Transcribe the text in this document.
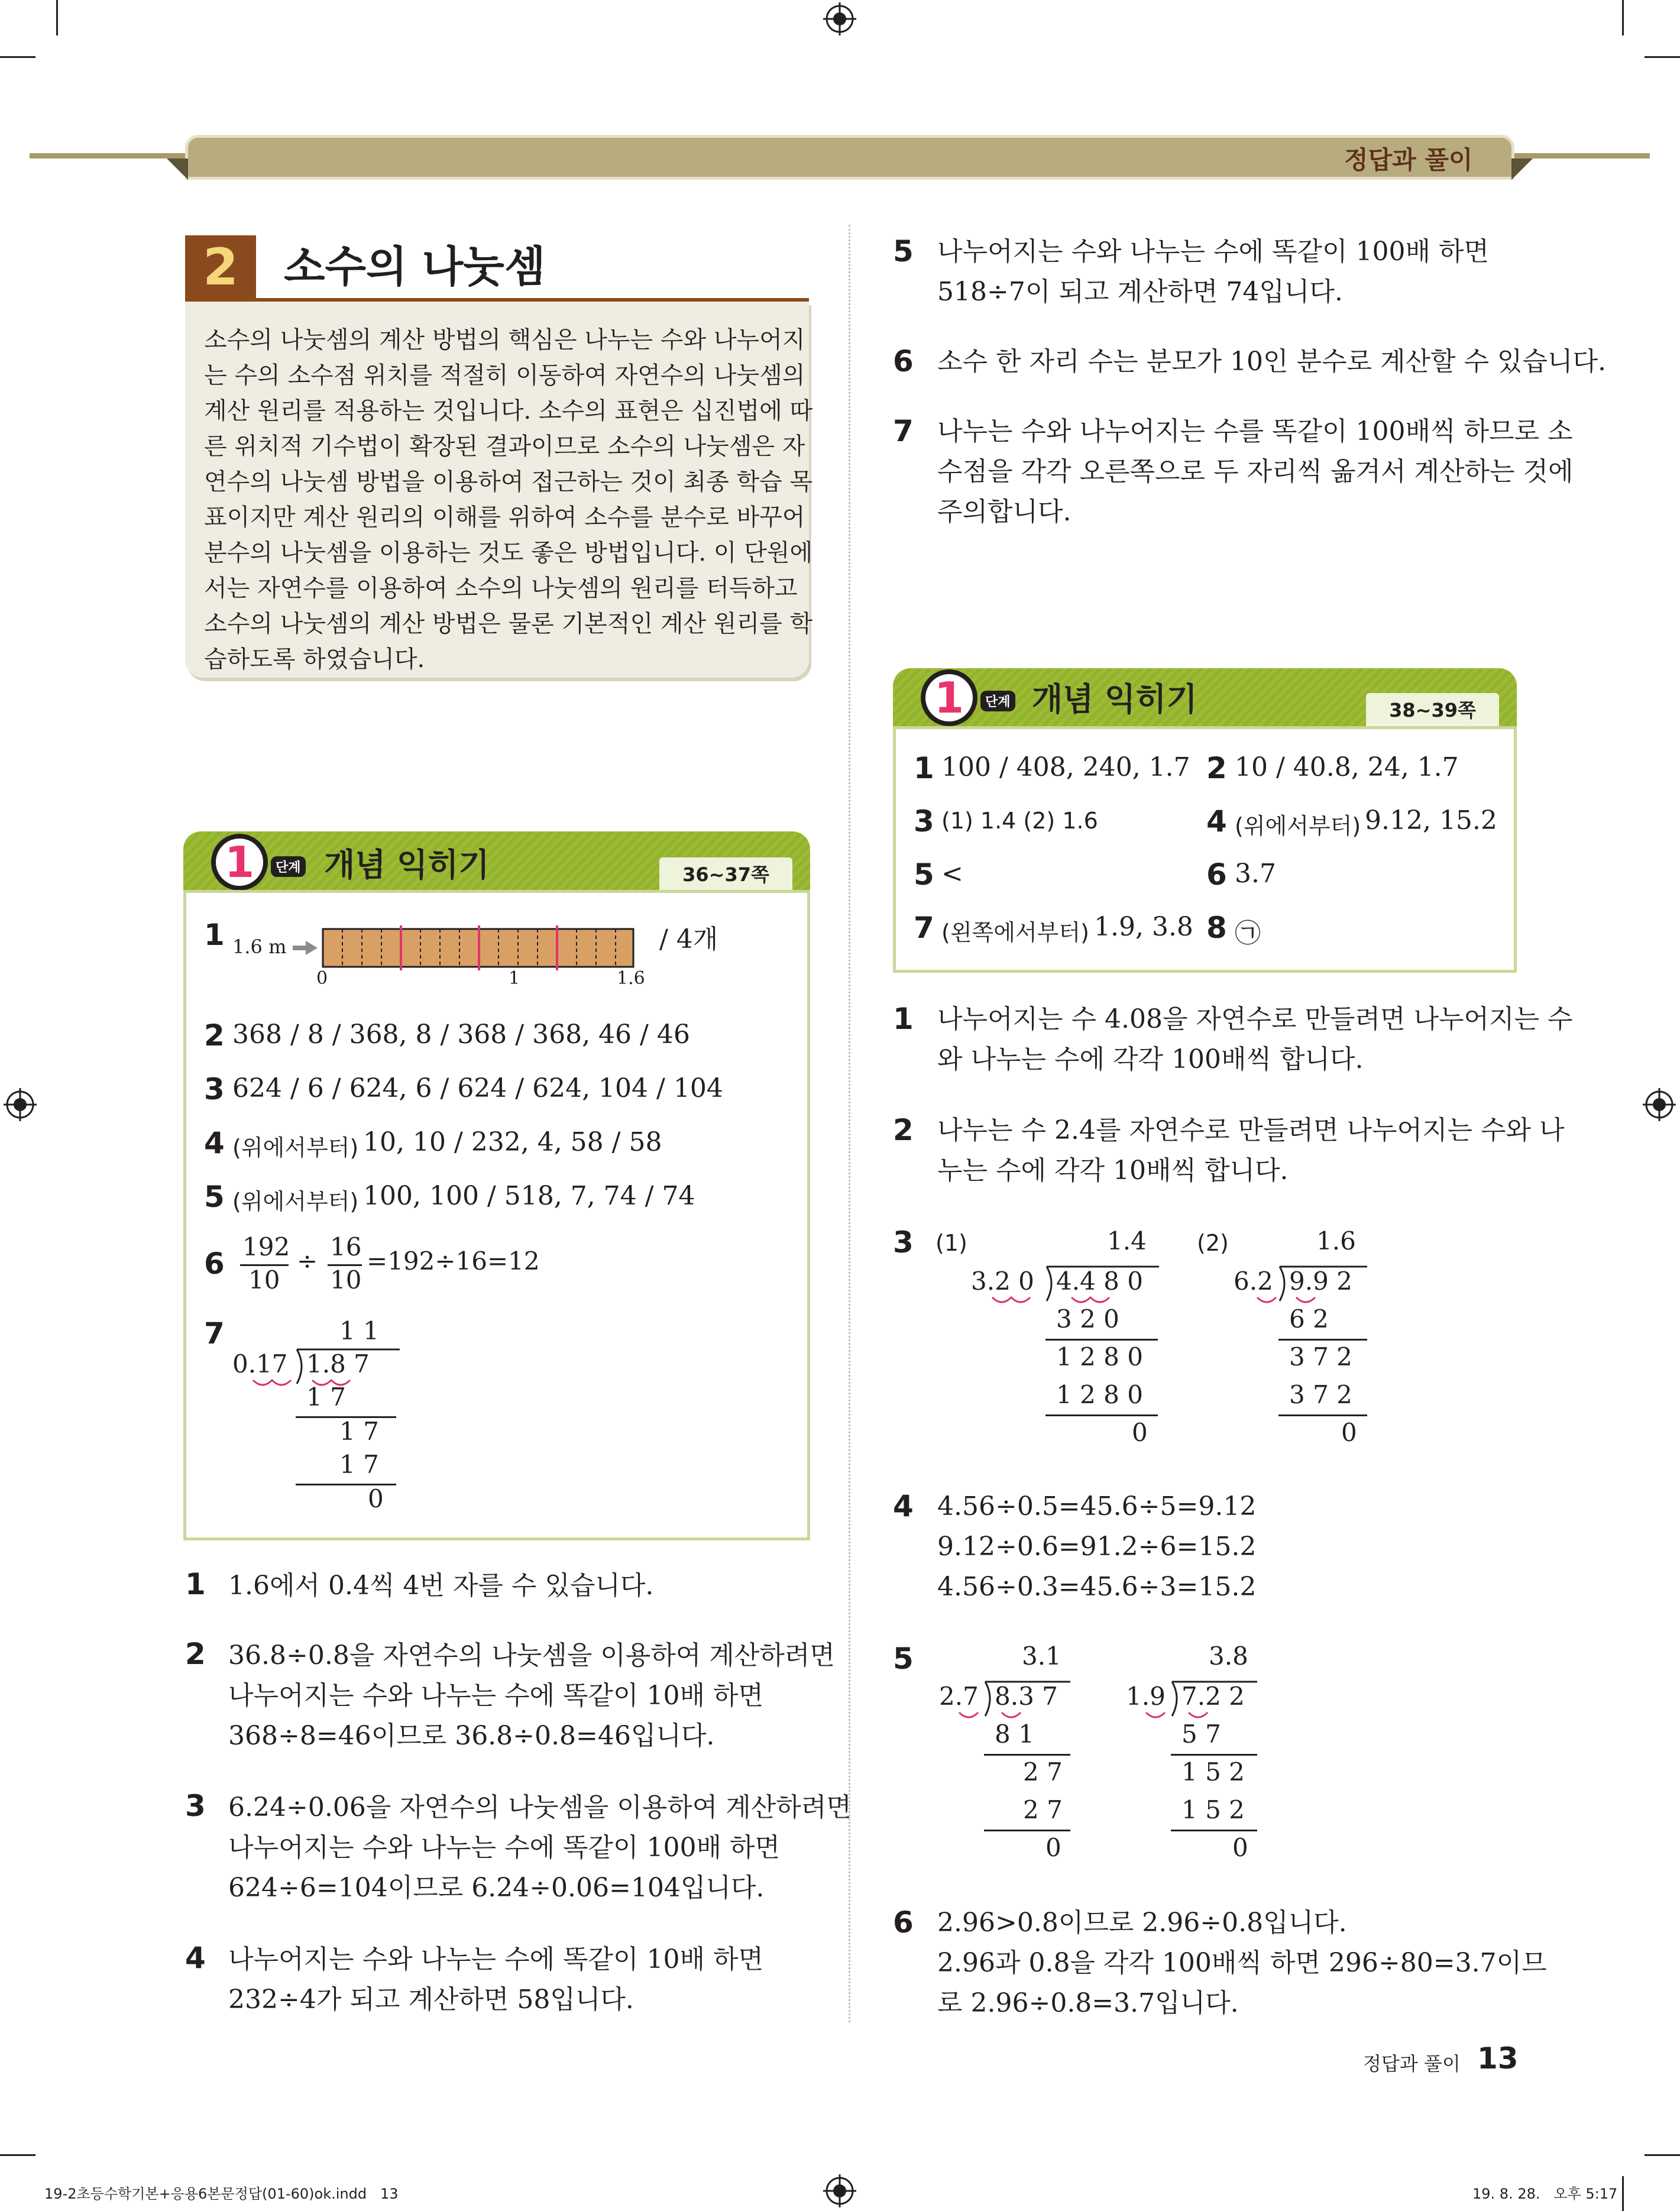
정답과 풀이
2	소수의 나눗셈
소수의 나눗셈의 계산 방법의 핵심은 나누는 수와 나누어지
는 수의 소수점 위치를 적절히 이동하여 자연수의 나눗셈의
계산 원리를 적용하는 것입니다. 소수의 표현은 십진법에 따
른 위치적 기수법이 확장된 결과이므로 소수의 나눗셈은 자
연수의 나눗셈 방법을 이용하여 접근하는 것이 최종 학습 목
표이지만 계산 원리의 이해를 위하여 소수를 분수로 바꾸어
분수의 나눗셈을 이용하는 것도 좋은 방법입니다. 이 단원에
서는 자연수를 이용하여 소수의 나눗셈의 원리를 터득하고
소수의 나눗셈의 계산 방법은 물론 기본적인 계산 원리를 학
습하도록 하였습니다.
1	단계 개념 익히기	36~37쪽
1 1.6 m
0	1	1.6
/ 4개
2 368 / 8 / 368, 8 / 368 / 368, 46 / 46
3 624 / 6 / 624, 6 / 624 / 624, 104 / 104
4 (위에서부터) 10, 10 / 232, 4, 58 / 58
5 (위에서부터) 100, 100 / 518, 7, 74 / 74
6 192
10
÷ 16
10
=192÷16=12
7	1 1
0.17 1.8 7
1 7
1 7
1 7
0
1 1.6에서 0.4씩 4번 자를 수 있습니다.
2 36.8÷0.8을 자연수의 나눗셈을 이용하여 계산하려면
나누어지는 수와 나누는 수에 똑같이 10배 하면
368÷8=46이므로 36.8÷0.8=46입니다.
3 6.24÷0.06을 자연수의 나눗셈을 이용하여 계산하려면
나누어지는 수와 나누는 수에 똑같이 100배 하면
624÷6=104이므로 6.24÷0.06=104입니다.
4 나누어지는 수와 나누는 수에 똑같이 10배 하면
232÷4가 되고 계산하면 58입니다.
5 나누어지는 수와 나누는 수에 똑같이 100배 하면
518÷7이 되고 계산하면 74입니다.
6 소수 한 자리 수는 분모가 10인 분수로 계산할 수 있습니다.
7 나누는 수와 나누어지는 수를 똑같이 100배씩 하므로 소
수점을 각각 오른쪽으로 두 자리씩 옮겨서 계산하는 것에
주의합니다.
1	단계 개념 익히기	38~39쪽
1 100 / 408, 240, 1.7 2 10 / 40.8, 24, 1.7
3 (1) 1.4 (2) 1.6	4 (위에서부터) 9.12, 15.2
5 <	6 3.7
7 (왼쪽에서부터) 1.9, 3.8 8 ㉠
1 나누어지는 수 4.08을 자연수로 만들려면 나누어지는 수
와 나누는 수에 각각 100배씩 합니다.
2 나누는 수 2.4를 자연수로 만들려면 나누어지는 수와 나
누는 수에 각각 10배씩 합니다.
3 (1)	1.4
3.2 0 4.4 8 0
3 2 0
1 2 8 0
1 2 8 0
0
(2)	1.6
6.2 9.9 2
6 2
3 7 2
3 7 2
0
4 4.56÷0.5=45.6÷5=9.12
9.12÷0.6=91.2÷6=15.2
4.56÷0.3=45.6÷3=15.2
5	3.1
2.7 8.3 7
8 1
2 7
2 7
0
3.8
1.9 7.2 2
5 7
1 5 2
1 5 2
0
6 2.96>0.8이므로 2.96÷0.8입니다.
2.96과 0.8을 각각 100배씩 하면 296÷80=3.7이므
로 2.96÷0.8=3.7입니다.
정답과 풀이 13
19-2초등수학기본+응용6본문정답(01-60)ok.indd   13	19. 8. 28.   오후 5:17
